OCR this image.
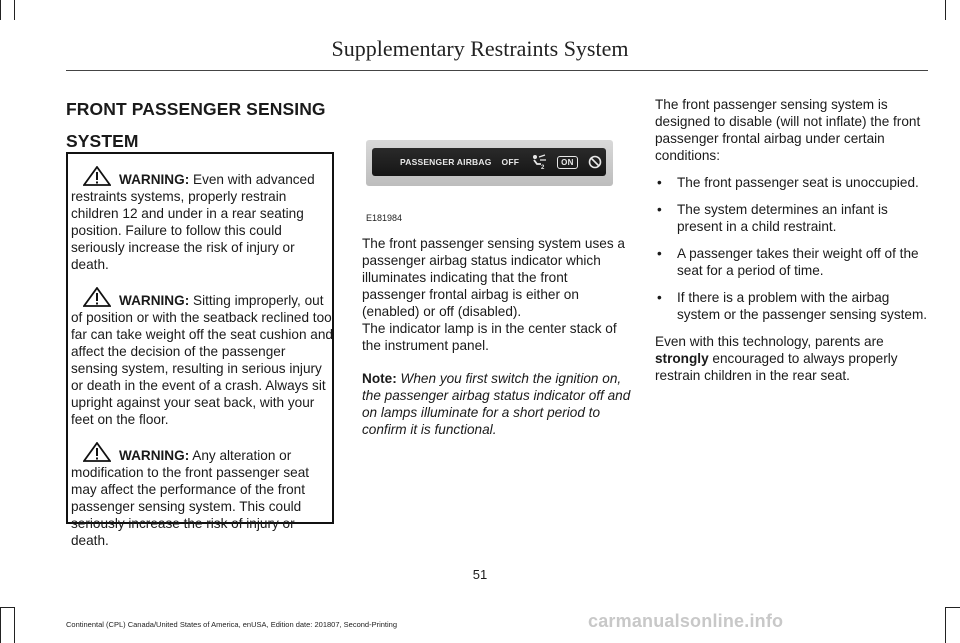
Supplementary Restraints System
FRONT PASSENGER SENSING
SYSTEM

WARNING: Even with advanced restraints systems, properly restrain children 12 and under in a rear seating position. Failure to follow this could seriously increase the risk of injury or death.

WARNING: Sitting improperly, out of position or with the seatback reclined too far can take weight off the seat cushion and affect the decision of the passenger sensing system, resulting in serious injury or death in the event of a crash. Always sit upright against your seat back, with your feet on the floor.

WARNING: Any alteration or modification to the front passenger seat may affect the performance of the front passenger sensing system. This could seriously increase the risk of injury or death.

PASSENGER AIRBAG OFF
2
ON
E181984

The front passenger sensing system uses a passenger airbag status indicator which illuminates indicating that the front passenger frontal airbag is either on (enabled) or off (disabled).

The indicator lamp is in the center stack of the instrument panel.

Note: When you first switch the ignition on, the passenger airbag status indicator off and on lamps illuminate for a short period to confirm it is functional.

The front passenger sensing system is designed to disable (will not inflate) the front passenger frontal airbag under certain conditions:

• The front passenger seat is unoccupied.
• The system determines an infant is present in a child restraint.
• A passenger takes their weight off of the seat for a period of time.
• If there is a problem with the airbag system or the passenger sensing system.

Even with this technology, parents are strongly encouraged to always properly restrain children in the rear seat.

51
Continental (CPL) Canada/United States of America, enUSA, Edition date: 201807, Second-Printing	carmanualsonline.info
